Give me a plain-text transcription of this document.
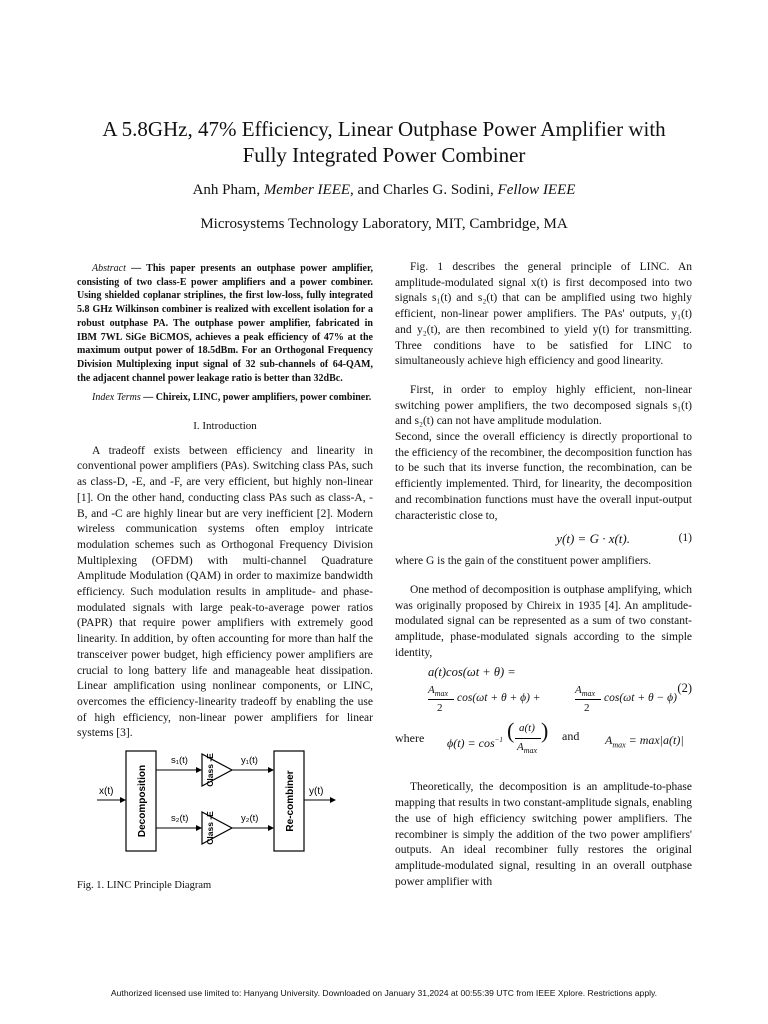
A 5.8GHz, 47% Efficiency, Linear Outphase Power Amplifier with
Fully Integrated Power Combiner
Anh Pham, Member IEEE, and Charles G. Sodini, Fellow IEEE
Microsystems Technology Laboratory, MIT, Cambridge, MA

Abstract — This paper presents an outphase power amplifier, consisting of two class-E power amplifiers and a power combiner. Using shielded coplanar striplines, the first low-loss, fully integrated 5.8 GHz Wilkinson combiner is realized with excellent isolation for a robust outphase PA. The outphase power amplifier, fabricated in IBM 7WL SiGe BiCMOS, achieves a peak efficiency of 47% at the maximum output power of 18.5dBm. For an Orthogonal Frequency Division Multiplexing input signal of 32 sub-channels of 64-QAM, the adjacent channel power leakage ratio is better than 32dBc.

Index Terms — Chireix, LINC, power amplifiers, power combiner.

I. Introduction

A tradeoff exists between efficiency and linearity in conventional power amplifiers (PAs). Switching class PAs, such as class-D, -E, and -F, are very efficient, but highly non-linear [1]. On the other hand, conducting class PAs such as class-A, -B, and -C are highly linear but are very inefficient [2]. Modern wireless communication systems often employ intricate modulation schemes such as Orthogonal Frequency Division Multiplexing (OFDM) with multi-channel Quadrature Amplitude Modulation (QAM) in order to maximize bandwidth efficiency. Such modulation results in amplitude- and phase-modulated signals with large peak-to-average power ratios (PAPR) that require power amplifiers with extremely good linearity. In addition, by often accounting for more than half the transceiver power budget, high efficiency power amplifiers are crucial to long battery life and manageable heat dissipation. Linear amplification using nonlinear components, or LINC, overcomes the efficiency-linearity tradeoff by enabling the use of high efficiency, non-linear power amplifiers for linear systems [3].

x(t) Decomposition
s₁(t) Class -E	y₁(t)
s₂(t) Class -E	y₂(t)	Re-combiner y(t)
Fig. 1. LINC Principle Diagram

Fig. 1 describes the general principle of LINC. An amplitude-modulated signal x(t) is first decomposed into two signals s₁(t) and s₂(t) that can be amplified using two highly efficient, non-linear power amplifiers. The PAs' outputs, y₁(t) and y₂(t), are then recombined to yield y(t) for transmitting. Three conditions have to be satisfied for LINC to simultaneously achieve high efficiency and good linearity.

First, in order to employ highly efficient, non-linear switching power amplifiers, the two decomposed signals s₁(t) and s₂(t) can not have amplitude modulation.

Second, since the overall efficiency is directly proportional to the efficiency of the recombiner, the decomposition function has to be such that its inverse function, the recombination, can be efficiently implemented. Third, for linearity, the decomposition and recombination functions must have the overall input-output characteristic close to,

y(t) = G · x(t).	(1)

where G is the gain of the constituent power amplifiers.

One method of decomposition is outphase amplifying, which was originally proposed by Chireix in 1935 [4]. An amplitude-modulated signal can be represented as a sum of two constant-amplitude, phase-modulated signals according to the simple identity,

a(t)cos(ωt + θ) =
$A_{max}$
2
cos(ωt + θ + ϕ) +
$A_{max}$
2
cos(ωt + θ − ϕ)
(2)
where $\phi(t) = \cos^{-1}$ ( a(t)
$A_{max}$
) and $A_{max} = \max|a(t)|$

Theoretically, the decomposition is an amplitude-to-phase mapping that results in two constant-amplitude signals, enabling the use of high efficiency switching power amplifiers. The recombiner is simply the addition of the two power amplifiers' outputs. An ideal recombiner fully restores the original amplitude-modulated signal, resulting in an overall outphase power amplifier with

Authorized licensed use limited to: Hanyang University. Downloaded on January 31,2024 at 00:55:39 UTC from IEEE Xplore. Restrictions apply.
